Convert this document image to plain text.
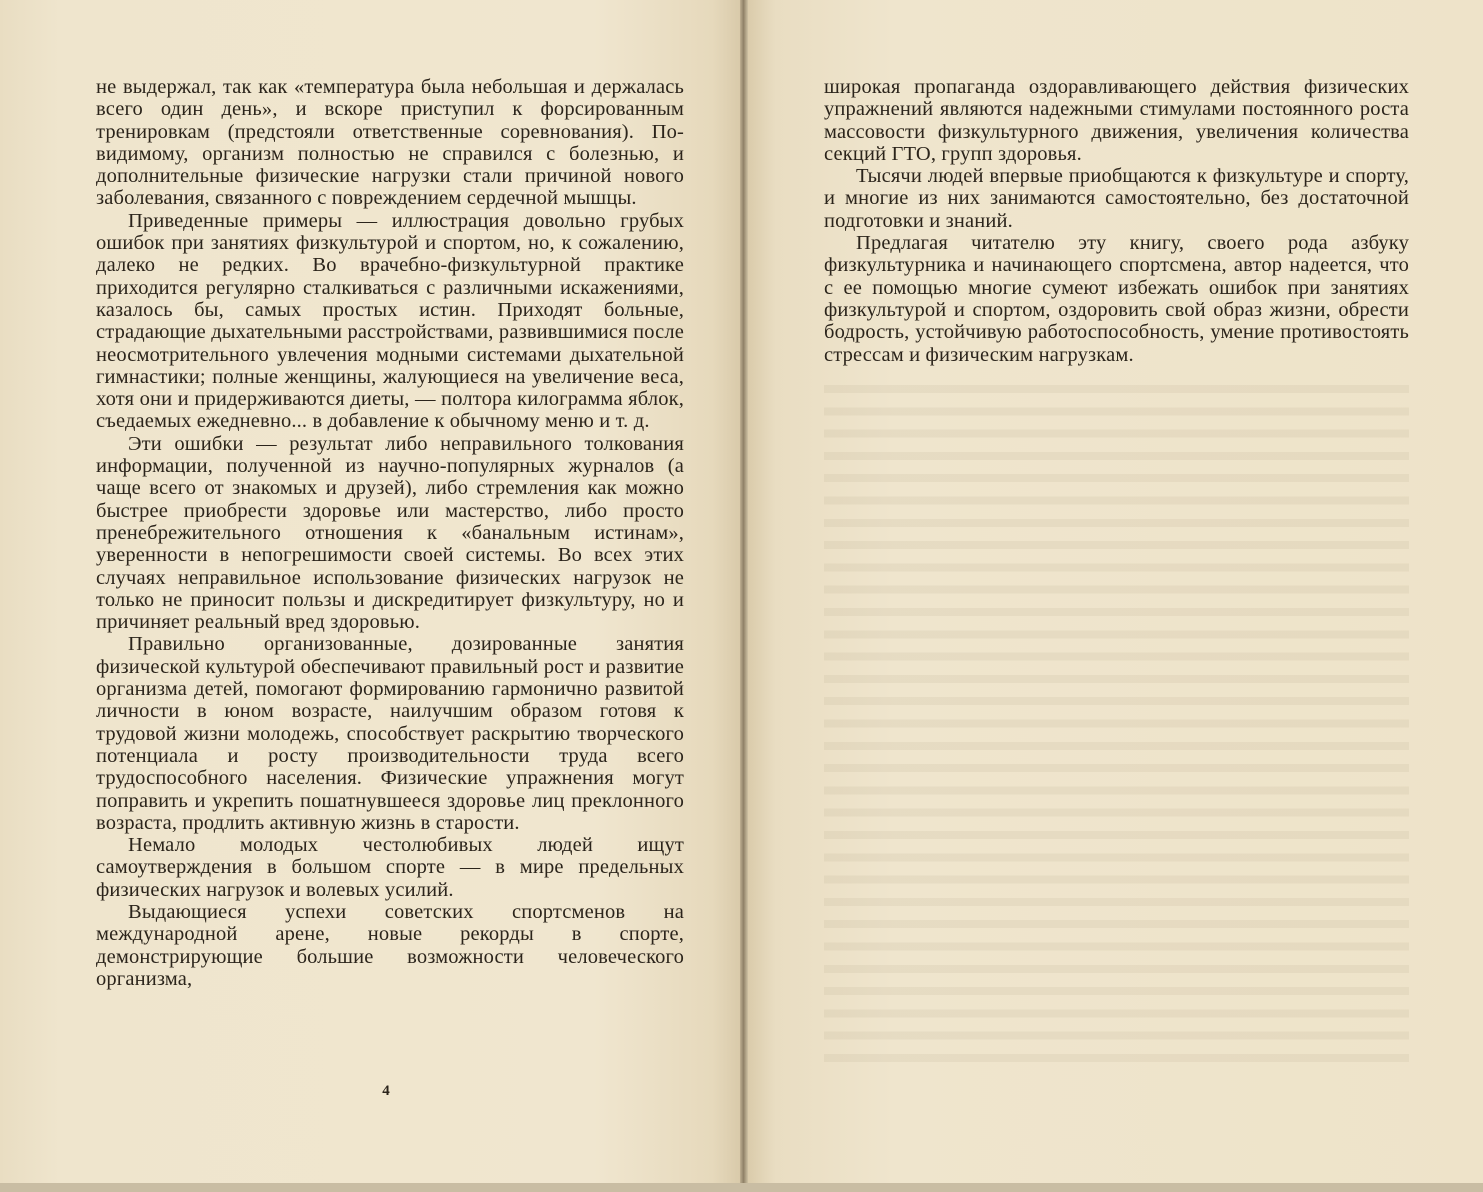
не выдержал, так как «температура была небольшая и держалась всего один день», и вскоре приступил к форсированным тренировкам (предстояли ответственные соревнования). По-видимому, организм полностью не справился с болезнью, и дополнительные физические нагрузки стали причиной нового заболевания, связанного с повреждением сердечной мышцы.

Приведенные примеры — иллюстрация довольно грубых ошибок при занятиях физкультурой и спортом, но, к сожалению, далеко не редких. Во врачебно-физкультурной практике приходится регулярно сталкиваться с различными искажениями, казалось бы, самых простых истин. Приходят больные, страдающие дыхательными расстройствами, развившимися после неосмотрительного увлечения модными системами дыхательной гимнастики; полные женщины, жалующиеся на увеличение веса, хотя они и придерживаются диеты, — полтора килограмма яблок, съедаемых ежедневно... в добавление к обычному меню и т. д.

Эти ошибки — результат либо неправильного толкования информации, полученной из научно-популярных журналов (а чаще всего от знакомых и друзей), либо стремления как можно быстрее приобрести здоровье или мастерство, либо просто пренебрежительного отношения к «банальным истинам», уверенности в непогрешимости своей системы. Во всех этих случаях неправильное использование физических нагрузок не только не приносит пользы и дискредитирует физкультуру, но и причиняет реальный вред здоровью.

Правильно организованные, дозированные занятия физической культурой обеспечивают правильный рост и развитие организма детей, помогают формированию гармонично развитой личности в юном возрасте, наилучшим образом готовя к трудовой жизни молодежь, способствует раскрытию творческого потенциала и росту производительности труда всего трудоспособного населения. Физические упражнения могут поправить и укрепить пошатнувшееся здоровье лиц преклонного возраста, продлить активную жизнь в старости.

Немало молодых честолюбивых людей ищут самоутверждения в большом спорте — в мире предельных физических нагрузок и волевых усилий.

Выдающиеся успехи советских спортсменов на международной арене, новые рекорды в спорте, демонстрирующие большие возможности человеческого организма,

4

широкая пропаганда оздоравливающего действия физических упражнений являются надежными стимулами постоянного роста массовости физкультурного движения, увеличения количества секций ГТО, групп здоровья.

Тысячи людей впервые приобщаются к физкультуре и спорту, и многие из них занимаются самостоятельно, без достаточной подготовки и знаний.

Предлагая читателю эту книгу, своего рода азбуку физкультурника и начинающего спортсмена, автор надеется, что с ее помощью многие сумеют избежать ошибок при занятиях физкультурой и спортом, оздоровить свой образ жизни, обрести бодрость, устойчивую работоспособность, умение противостоять стрессам и физическим нагрузкам.
